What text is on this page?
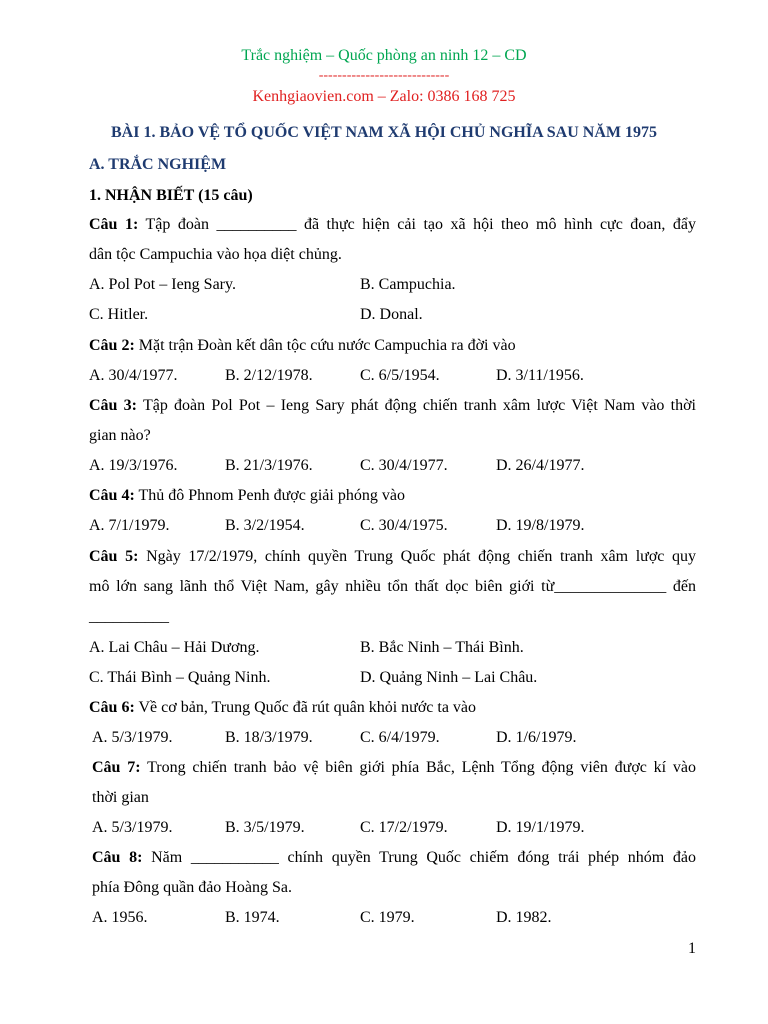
Trắc nghiệm – Quốc phòng an ninh 12 – CD
----------------------------
Kenhgiaovien.com – Zalo: 0386 168 725
BÀI 1. BẢO VỆ TỔ QUỐC VIỆT NAM XÃ HỘI CHỦ NGHĨA SAU NĂM 1975
A. TRẮC NGHIỆM
1. NHẬN BIẾT (15 câu)
Câu 1: Tập đoàn __________ đã thực hiện cải tạo xã hội theo mô hình cực đoan, đẩy
dân tộc Campuchia vào họa diệt chủng.
A. Pol Pot – Ieng Sary.	B. Campuchia.
C. Hitler.	D. Donal.
Câu 2: Mặt trận Đoàn kết dân tộc cứu nước Campuchia ra đời vào
A. 30/4/1977.	B. 2/12/1978.	C. 6/5/1954.	D. 3/11/1956.
Câu 3: Tập đoàn Pol Pot – Ieng Sary phát động chiến tranh xâm lược Việt Nam vào thời
gian nào?
A. 19/3/1976.	B. 21/3/1976.	C. 30/4/1977.	D. 26/4/1977.
Câu 4: Thủ đô Phnom Penh được giải phóng vào
A. 7/1/1979.	B. 3/2/1954.	C. 30/4/1975.	D. 19/8/1979.
Câu 5: Ngày 17/2/1979, chính quyền Trung Quốc phát động chiến tranh xâm lược quy
mô lớn sang lãnh thổ Việt Nam, gây nhiều tổn thất dọc biên giới từ______________ đến
__________
A. Lai Châu – Hải Dương.	B. Bắc Ninh – Thái Bình.
C. Thái Bình – Quảng Ninh.	D. Quảng Ninh – Lai Châu.
Câu 6: Về cơ bản, Trung Quốc đã rút quân khỏi nước ta vào
A. 5/3/1979.	B. 18/3/1979.	C. 6/4/1979.	D. 1/6/1979.
Câu 7: Trong chiến tranh bảo vệ biên giới phía Bắc, Lệnh Tổng động viên được kí vào
thời gian
A. 5/3/1979.	B. 3/5/1979.	C. 17/2/1979.	D. 19/1/1979.
Câu 8: Năm ___________ chính quyền Trung Quốc chiếm đóng trái phép nhóm đảo
phía Đông quần đảo Hoàng Sa.
A. 1956.	B. 1974.	C. 1979.	D. 1982.
1
